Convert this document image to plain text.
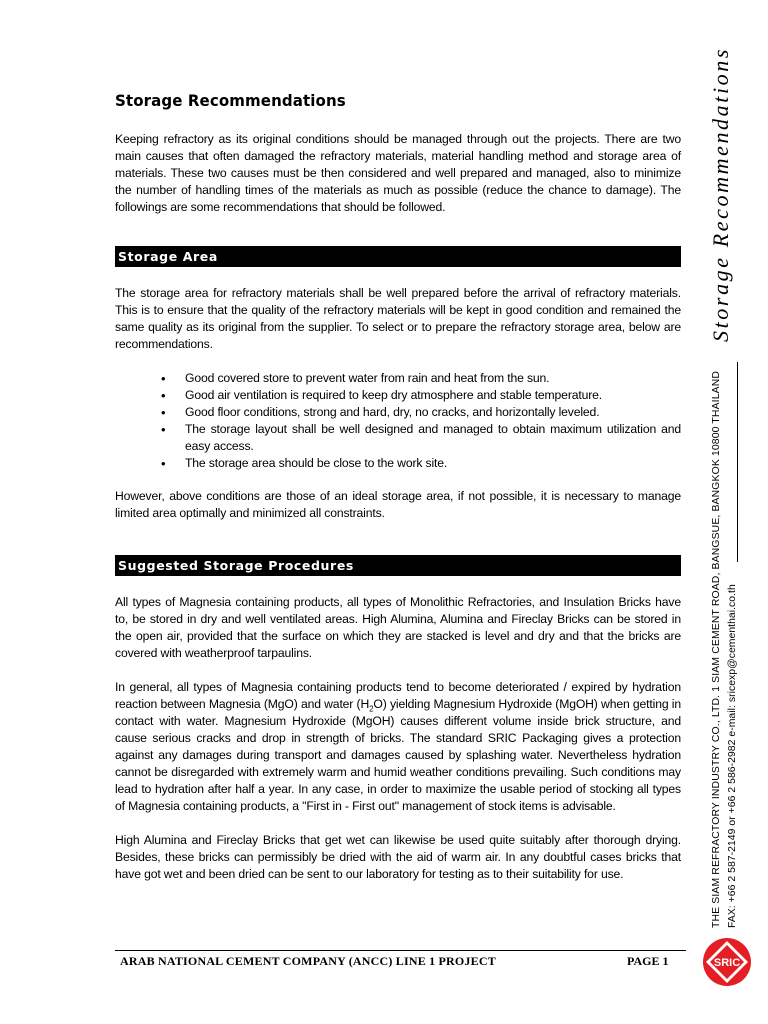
Storage Recommendations

Keeping refractory as its original conditions should be managed through out the projects. There are two main causes that often damaged the refractory materials, material handling method and storage area of materials. These two causes must be then considered and well prepared and managed, also to minimize the number of handling times of the materials as much as possible (reduce the chance to damage). The followings are some recommendations that should be followed.

Storage Area

The storage area for refractory materials shall be well prepared before the arrival of refractory materials. This is to ensure that the quality of the refractory materials will be kept in good condition and remained the same quality as its original from the supplier. To select or to prepare the refractory storage area, below are recommendations.

• Good covered store to prevent water from rain and heat from the sun.
• Good air ventilation is required to keep dry atmosphere and stable temperature.
• Good floor conditions, strong and hard, dry, no cracks, and horizontally leveled.
• The storage layout shall be well designed and managed to obtain maximum utilization and easy access.
• The storage area should be close to the work site.

However, above conditions are those of an ideal storage area, if not possible, it is necessary to manage limited area optimally and minimized all constraints.

Suggested Storage Procedures

All types of Magnesia containing products, all types of Monolithic Refractories, and Insulation Bricks have to, be stored in dry and well ventilated areas. High Alumina, Alumina and Fireclay Bricks can be stored in the open air, provided that the surface on which they are stacked is level and dry and that the bricks are covered with weatherproof tarpaulins.

In general, all types of Magnesia containing products tend to become deteriorated / expired by hydration reaction between Magnesia (MgO) and water $(H_2O)$ yielding Magnesium Hydroxide (MgOH) when getting in contact with water. Magnesium Hydroxide (MgOH) causes different volume inside brick structure, and cause serious cracks and drop in strength of bricks. The standard SRIC Packaging gives a protection against any damages during transport and damages caused by splashing water. Nevertheless hydration cannot be disregarded with extremely warm and humid weather conditions prevailing. Such conditions may lead to hydration after half a year. In any case, in order to maximize the usable period of stocking all types of Magnesia containing products, a "First in - First out" management of stock items is advisable.

High Alumina and Fireclay Bricks that get wet can likewise be used quite suitably after thorough drying. Besides, these bricks can permissibly be dried with the aid of warm air. In any doubtful cases bricks that have got wet and been dried can be sent to our laboratory for testing as to their suitability for use.

ARAB NATIONAL CEMENT COMPANY (ANCC) LINE 1 PROJECT	PAGE 1
Storage Recommendations
THE SIAM REFRACTORY INDUSTRY CO., LTD. 1 SIAM CEMENT ROAD, BANGSUE, BANGKOK 10800 THAILAND FAX: +66 2 587-2149 or +66 2 586-2982 e-mail: sricexp@cementhai.co.th
SRIC
